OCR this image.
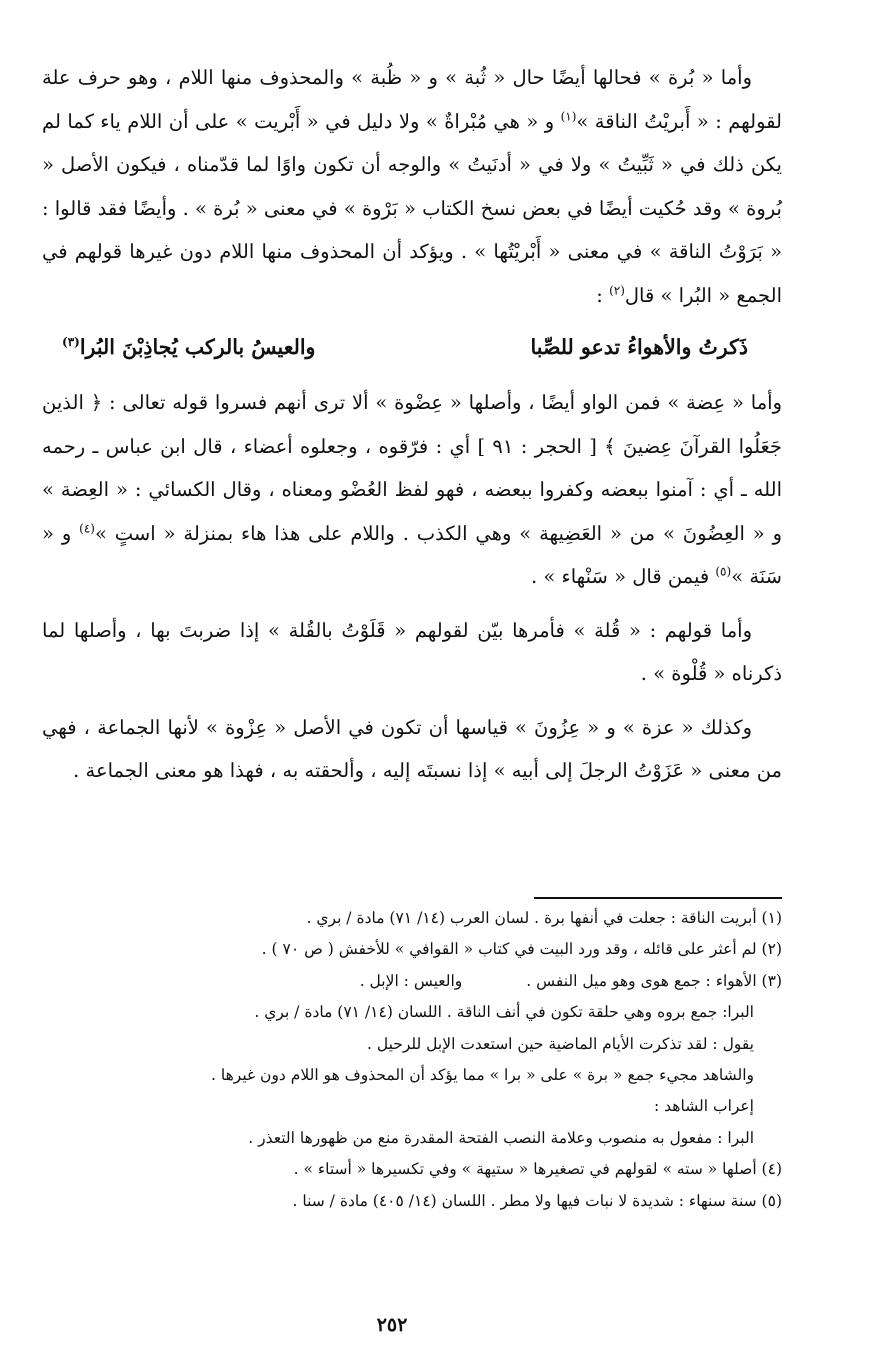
وأما « بُرة » فحالها أيضًا حال « ثُبة » و « ظُبة » والمحذوف منها اللام ، وهو حرف علة لقولهم : « أَبريْتُ الناقة »$^{(١)}$ و « هي مُبْراةٌ » ولا دليل في « أَبْريت » على أن اللام ياء كما لم يكن ذلك في « ثَبِّيتُ » ولا في « أدنَيتُ » والوجه أن تكون واوًا لما قدّمناه ، فيكون الأصل « بُروة » وقد حُكيت أيضًا في بعض نسخ الكتاب « بَرْوة » في معنى « بُرة » . وأيضًا فقد قالوا : « بَرَوْتُ الناقة » في معنى « أَبْريْتُها » . ويؤكد أن المحذوف منها اللام دون غيرها قولهم في الجمع « البُرا » قال$^{(٢)}$ :

ذَكرتُ والأهواءُ تدعو للصِّبا
والعيسُ بالركب يُجاذِبْنَ البُرا$^{(٣)}$

وأما « عِضة » فمن الواو أيضًا ، وأصلها « عِضْوة » ألا ترى أنهم فسروا قوله تعالى : ﴿ الذين جَعَلُوا القرآنَ عِضينَ ﴾ [ الحجر : ٩١ ] أي : فرّقوه ، وجعلوه أعضاء ، قال ابن عباس ـ رحمه الله ـ أي : آمنوا ببعضه وكفروا ببعضه ، فهو لفظ العُضْو ومعناه ، وقال الكسائي : « العِضة » و « العِضُونَ » من « العَضِيهة » وهي الكذب . واللام على هذا هاء بمنزلة « استٍ »$^{(٤)}$ و « سَنَة »$^{(٥)}$ فيمن قال « سَنْهاء » .

وأما قولهم : « قُلة » فأمرها بيّن لقولهم « قَلَوْتُ بالقُلة » إذا ضربتَ بها ، وأصلها لما ذكرناه « قُلْوة » .

وكذلك « عزة » و « عِزُونَ » قياسها أن تكون في الأصل « عِزْوة » لأنها الجماعة ، فهي من معنى « عَزَوْتُ الرجلَ إلى أبيه » إذا نسبتَه إليه ، وألحقته به ، فهذا هو معنى الجماعة .

(١) أبريت الناقة : جعلت في أنفها برة . لسان العرب (١٤/ ٧١) مادة / بري .
(٢) لم أعثر على قائله ، وقد ورد البيت في كتاب « القوافي » للأخفش ( ص ٧٠ ) .
(٣) الأهواء : جمع هوى وهو ميل النفس .والعيس : الإبل .
البرا: جمع بروه وهي حلقة تكون في أنف الناقة . اللسان (١٤/ ٧١) مادة / بري .
يقول : لقد تذكرت الأيام الماضية حين استعدت الإبل للرحيل .
والشاهد مجيء جمع « برة » على « برا » مما يؤكد أن المحذوف هو اللام دون غيرها .
إعراب الشاهد :
البرا : مفعول به منصوب وعلامة النصب الفتحة المقدرة منع من ظهورها التعذر .
(٤) أصلها « سته » لقولهم في تصغيرها « ستيهة » وفي تكسيرها « أستاء » .
(٥) سنة سنهاء : شديدة لا نبات فيها ولا مطر . اللسان (١٤/ ٤٠٥) مادة / سنا .
٢٥٢
